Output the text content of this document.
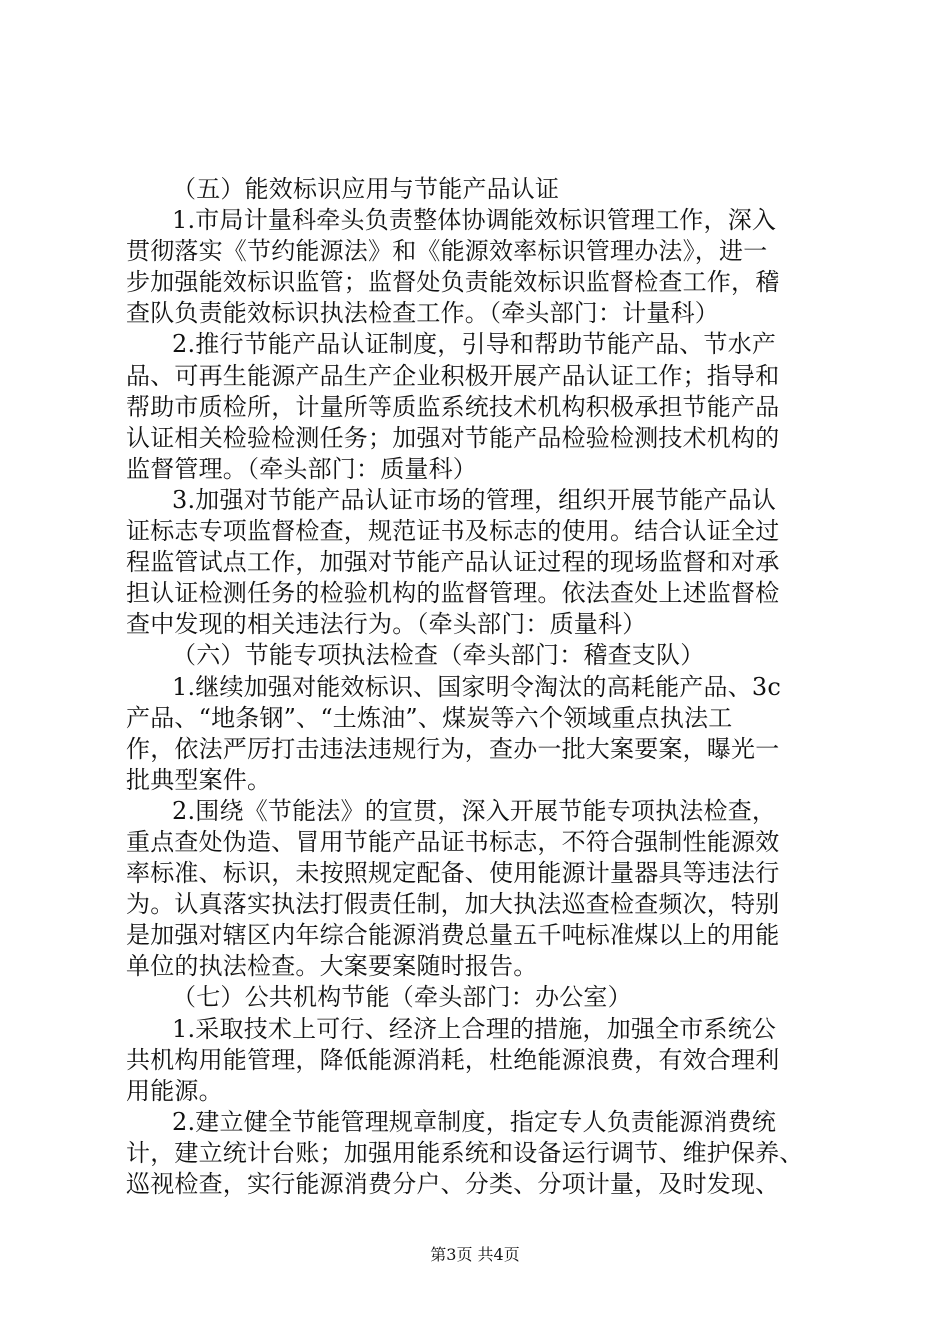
（五）能效标识应用与节能产品认证
1.市局计量科牵头负责整体协调能效标识管理工作，深入
贯彻落实《节约能源法》和《能源效率标识管理办法》，进一
步加强能效标识监管；监督处负责能效标识监督检查工作，稽
查队负责能效标识执法检查工作。（牵头部门：计量科）
2.推行节能产品认证制度，引导和帮助节能产品、节水产
品、可再生能源产品生产企业积极开展产品认证工作；指导和
帮助市质检所，计量所等质监系统技术机构积极承担节能产品
认证相关检验检测任务；加强对节能产品检验检测技术机构的
监督管理。（牵头部门：质量科）
3.加强对节能产品认证市场的管理，组织开展节能产品认
证标志专项监督检查，规范证书及标志的使用。结合认证全过
程监管试点工作，加强对节能产品认证过程的现场监督和对承
担认证检测任务的检验机构的监督管理。依法查处上述监督检
查中发现的相关违法行为。（牵头部门：质量科）
（六）节能专项执法检查（牵头部门：稽查支队）
1.继续加强对能效标识、国家明令淘汰的高耗能产品、3c
产品、“地条钢”、“土炼油”、煤炭等六个领域重点执法工
作，依法严厉打击违法违规行为，查办一批大案要案，曝光一
批典型案件。
2.围绕《节能法》的宣贯，深入开展节能专项执法检查，
重点查处伪造、冒用节能产品证书标志，不符合强制性能源效
率标准、标识，未按照规定配备、使用能源计量器具等违法行
为。认真落实执法打假责任制，加大执法巡查检查频次，特别
是加强对辖区内年综合能源消费总量五千吨标准煤以上的用能
单位的执法检查。大案要案随时报告。
（七）公共机构节能（牵头部门：办公室）
1.采取技术上可行、经济上合理的措施，加强全市系统公
共机构用能管理，降低能源消耗，杜绝能源浪费，有效合理利
用能源。
2.建立健全节能管理规章制度，指定专人负责能源消费统
计，建立统计台账；加强用能系统和设备运行调节、维护保养、
巡视检查，实行能源消费分户、分类、分项计量，及时发现、
第3页 共4页
